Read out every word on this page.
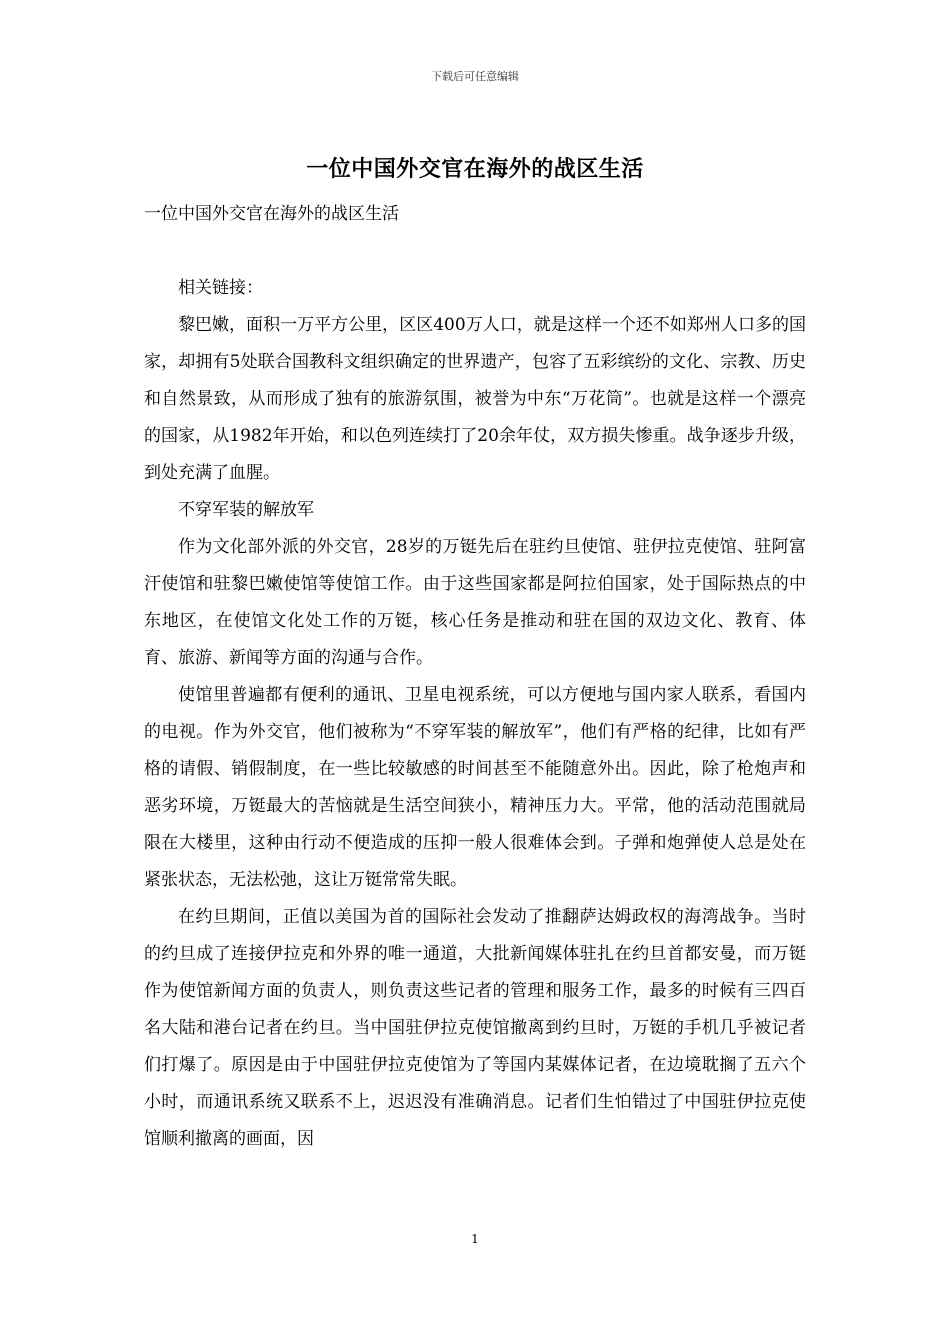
下载后可任意编辑
一位中国外交官在海外的战区生活

一位中国外交官在海外的战区生活

相关链接：

黎巴嫩，面积一万平方公里，区区400万人口，就是这样一个还不如郑州人口多的国家，却拥有5处联合国教科文组织确定的世界遗产，包容了五彩缤纷的文化、宗教、历史和自然景致，从而形成了独有的旅游氛围，被誉为中东“万花筒”。也就是这样一个漂亮的国家，从1982年开始，和以色列连续打了20余年仗，双方损失惨重。战争逐步升级，到处充满了血腥。

不穿军装的解放军

作为文化部外派的外交官，28岁的万铤先后在驻约旦使馆、驻伊拉克使馆、驻阿富汗使馆和驻黎巴嫩使馆等使馆工作。由于这些国家都是阿拉伯国家，处于国际热点的中东地区，在使馆文化处工作的万铤，核心任务是推动和驻在国的双边文化、教育、体育、旅游、新闻等方面的沟通与合作。

使馆里普遍都有便利的通讯、卫星电视系统，可以方便地与国内家人联系，看国内的电视。作为外交官，他们被称为“不穿军装的解放军”，他们有严格的纪律，比如有严格的请假、销假制度，在一些比较敏感的时间甚至不能随意外出。因此，除了枪炮声和恶劣环境，万铤最大的苦恼就是生活空间狭小，精神压力大。平常，他的活动范围就局限在大楼里，这种由行动不便造成的压抑一般人很难体会到。子弹和炮弹使人总是处在紧张状态，无法松弛，这让万铤常常失眠。

在约旦期间，正值以美国为首的国际社会发动了推翻萨达姆政权的海湾战争。当时的约旦成了连接伊拉克和外界的唯一通道，大批新闻媒体驻扎在约旦首都安曼，而万铤作为使馆新闻方面的负责人，则负责这些记者的管理和服务工作，最多的时候有三四百名大陆和港台记者在约旦。当中国驻伊拉克使馆撤离到约旦时，万铤的手机几乎被记者们打爆了。原因是由于中国驻伊拉克使馆为了等国内某媒体记者，在边境耽搁了五六个小时，而通讯系统又联系不上，迟迟没有准确消息。记者们生怕错过了中国驻伊拉克使馆顺利撤离的画面，因

1
